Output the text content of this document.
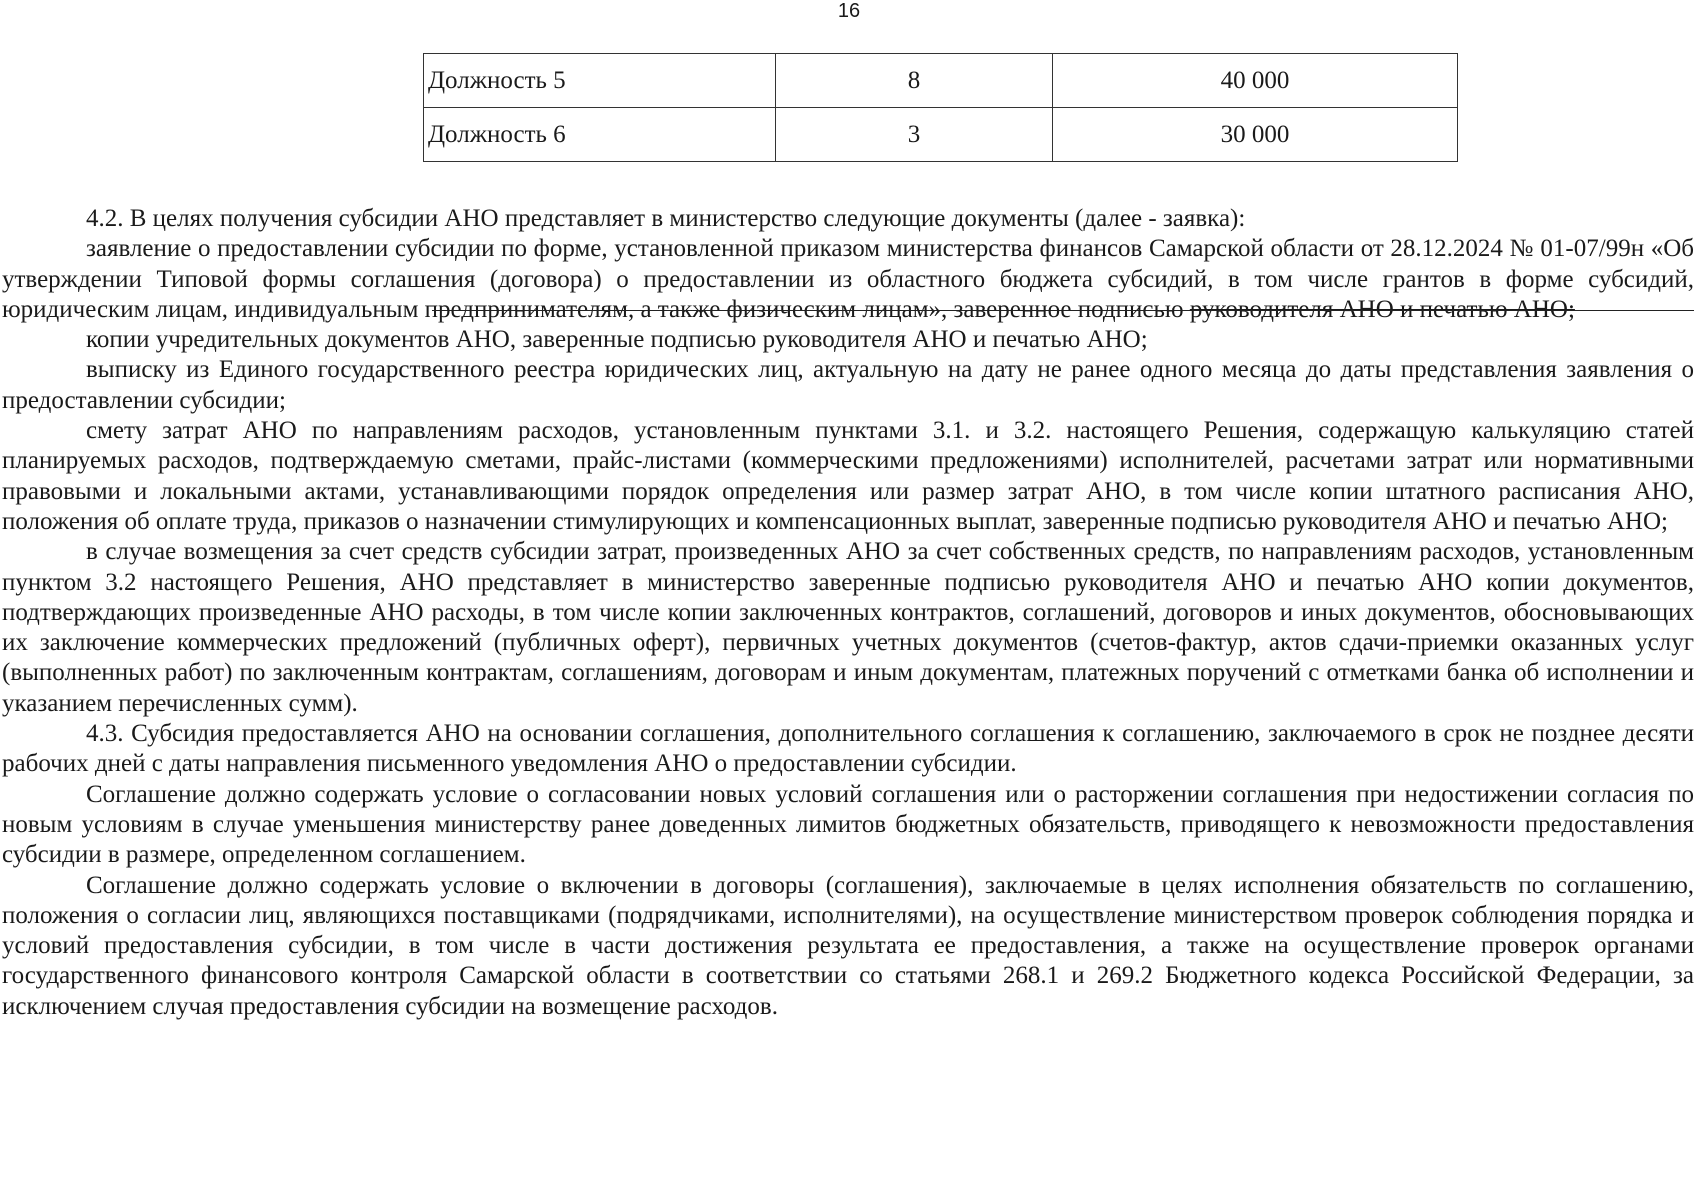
16
Должность 5	8	40 000
Должность 6	3	30 000

4.2. В целях получения субсидии АНО представляет в министерство следующие документы (далее - заявка):

заявление о предоставлении субсидии по форме, установленной приказом министерства финансов Самарской области от 28.12.2024 № 01-07/99н «Об утверждении Типовой формы соглашения (договора) о предоставлении из областного бюджета субсидий, в том числе грантов в форме субсидий, юридическим лицам, индивидуальным предпринимателям, а также физическим лицам», заверенное подписью руководителя АНО и печатью АНО;

копии учредительных документов АНО, заверенные подписью руководителя АНО и печатью АНО;

выписку из Единого государственного реестра юридических лиц, актуальную на дату не ранее одного месяца до даты представления заявления о предоставлении субсидии;

смету затрат АНО по направлениям расходов, установленным пунктами 3.1. и 3.2. настоящего Решения, содержащую калькуляцию статей планируемых расходов, подтверждаемую сметами, прайс-листами (коммерческими предложениями) исполнителей, расчетами затрат или нормативными правовыми и локальными актами, устанавливающими порядок определения или размер затрат АНО, в том числе копии штатного расписания АНО, положения об оплате труда, приказов о назначении стимулирующих и компенсационных выплат, заверенные подписью руководителя АНО и печатью АНО;

в случае возмещения за счет средств субсидии затрат, произведенных АНО за счет собственных средств, по направлениям расходов, установленным пунктом 3.2 настоящего Решения, АНО представляет в министерство заверенные подписью руководителя АНО и печатью АНО копии документов, подтверждающих произведенные АНО расходы, в том числе копии заключенных контрактов, соглашений, договоров и иных документов, обосновывающих их заключение коммерческих предложений (публичных оферт), первичных учетных документов (счетов-фактур, актов сдачи-приемки оказанных услуг (выполненных работ) по заключенным контрактам, соглашениям, договорам и иным документам, платежных поручений с отметками банка об исполнении и указанием перечисленных сумм).

4.3. Субсидия предоставляется АНО на основании соглашения, дополнительного соглашения к соглашению, заключаемого в срок не позднее десяти рабочих дней с даты направления письменного уведомления АНО о предоставлении субсидии.

Соглашение должно содержать условие о согласовании новых условий соглашения или о расторжении соглашения при недостижении согласия по новым условиям в случае уменьшения министерству ранее доведенных лимитов бюджетных обязательств, приводящего к невозможности предоставления субсидии в размере, определенном соглашением.

Соглашение должно содержать условие о включении в договоры (соглашения), заключаемые в целях исполнения обязательств по соглашению, положения о согласии лиц, являющихся поставщиками (подрядчиками, исполнителями), на осуществление министерством проверок соблюдения порядка и условий предоставления субсидии, в том числе в части достижения результата ее предоставления, а также на осуществление проверок органами государственного финансового контроля Самарской области в соответствии со статьями 268.1 и 269.2 Бюджетного кодекса Российской Федерации, за исключением случая предоставления субсидии на возмещение расходов.
